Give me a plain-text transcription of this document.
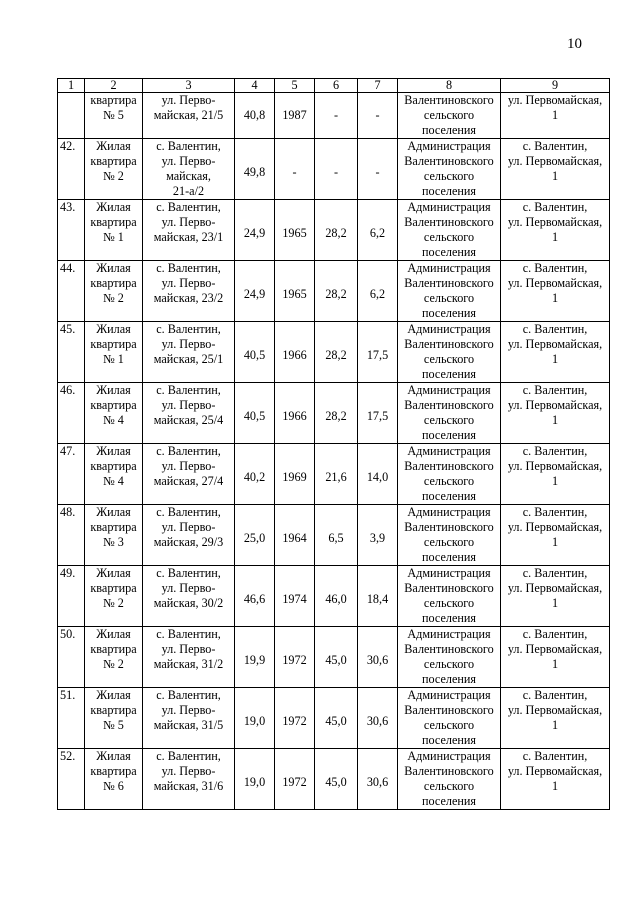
10
1	2	3	4	5	6	7	8	9

	квартира
№ 5	ул. Перво-
майская, 21/5	40,8	1987	-	-	Валентиновского
сельского
поселения	ул. Первомайская,
1

42.	Жилая
квартира
№ 2	с. Валентин,
ул. Перво-
майская,
21-а/2	49,8	-	-	-	Администрация
Валентиновского
сельского
поселения	с. Валентин,
ул. Первомайская,
1

43.	Жилая
квартира
№ 1	с. Валентин,
ул. Перво-
майская, 23/1	24,9	1965	28,2	6,2	Администрация
Валентиновского
сельского
поселения	с. Валентин,
ул. Первомайская,
1

44.	Жилая
квартира
№ 2	с. Валентин,
ул. Перво-
майская, 23/2	24,9	1965	28,2	6,2	Администрация
Валентиновского
сельского
поселения	с. Валентин,
ул. Первомайская,
1

45.	Жилая
квартира
№ 1	с. Валентин,
ул. Перво-
майская, 25/1	40,5	1966	28,2	17,5	Администрация
Валентиновского
сельского
поселения	с. Валентин,
ул. Первомайская,
1

46.	Жилая
квартира
№ 4	с. Валентин,
ул. Перво-
майская, 25/4	40,5	1966	28,2	17,5	Администрация
Валентиновского
сельского
поселения	с. Валентин,
ул. Первомайская,
1

47.	Жилая
квартира
№ 4	с. Валентин,
ул. Перво-
майская, 27/4	40,2	1969	21,6	14,0	Администрация
Валентиновского
сельского
поселения	с. Валентин,
ул. Первомайская,
1

48.	Жилая
квартира
№ 3	с. Валентин,
ул. Перво-
майская, 29/3	25,0	1964	6,5	3,9	Администрация
Валентиновского
сельского
поселения	с. Валентин,
ул. Первомайская,
1

49.	Жилая
квартира
№ 2	с. Валентин,
ул. Перво-
майская, 30/2	46,6	1974	46,0	18,4	Администрация
Валентиновского
сельского
поселения	с. Валентин,
ул. Первомайская,
1

50.	Жилая
квартира
№ 2	с. Валентин,
ул. Перво-
майская, 31/2	19,9	1972	45,0	30,6	Администрация
Валентиновского
сельского
поселения	с. Валентин,
ул. Первомайская,
1

51.	Жилая
квартира
№ 5	с. Валентин,
ул. Перво-
майская, 31/5	19,0	1972	45,0	30,6	Администрация
Валентиновского
сельского
поселения	с. Валентин,
ул. Первомайская,
1

52.	Жилая
квартира
№ 6	с. Валентин,
ул. Перво-
майская, 31/6	19,0	1972	45,0	30,6	Администрация
Валентиновского
сельского
поселения	с. Валентин,
ул. Первомайская,
1
